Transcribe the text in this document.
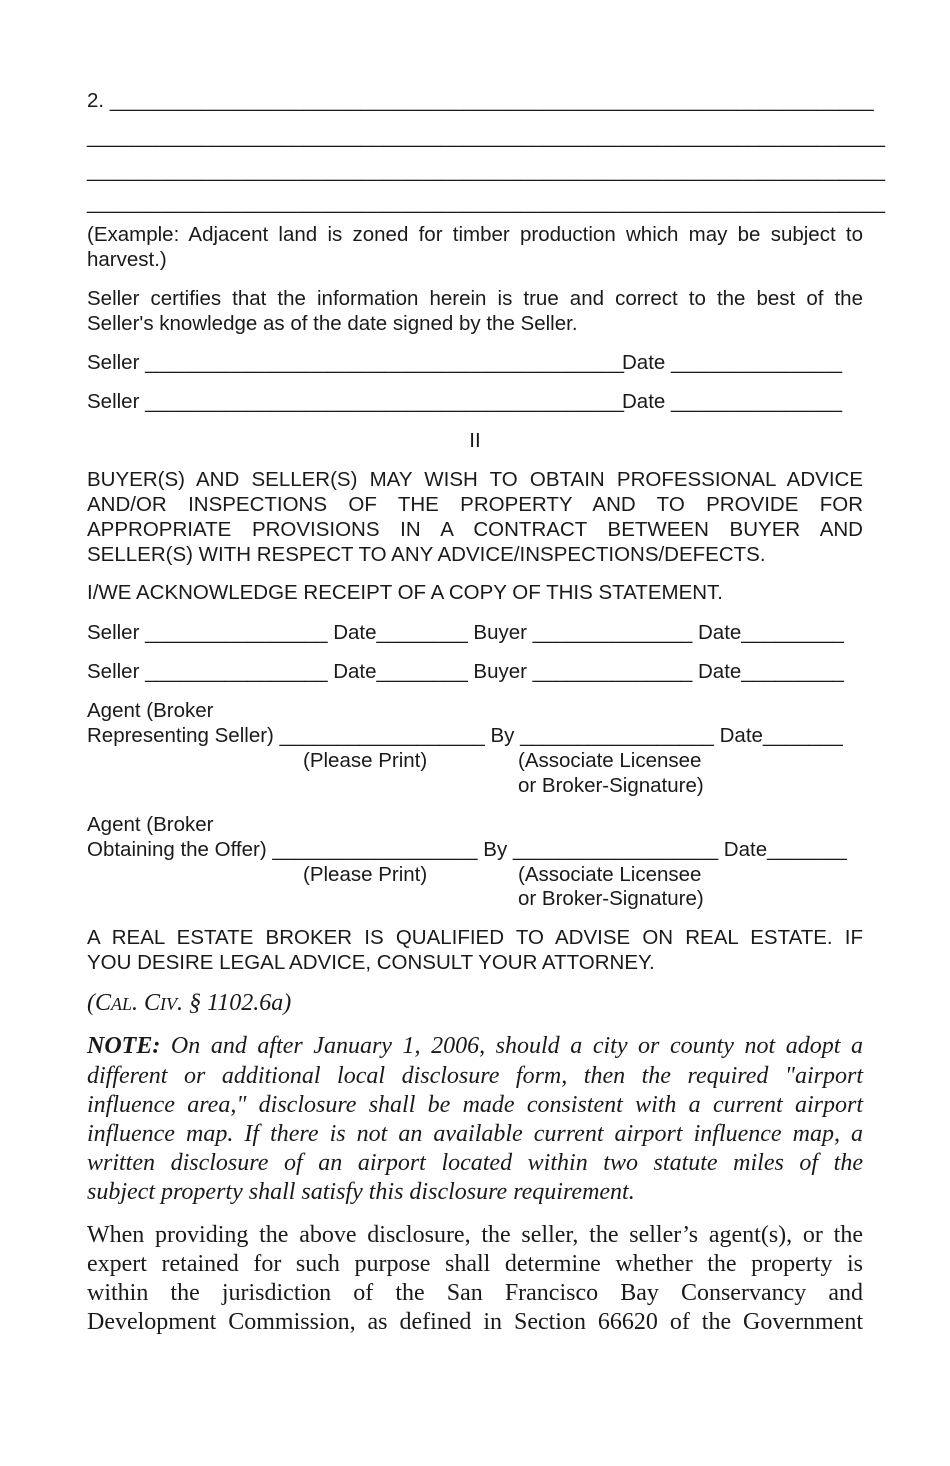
2. ___________________________________________________________________
______________________________________________________________________
______________________________________________________________________
______________________________________________________________________
(Example: Adjacent land is zoned for timber production which may be subject to
harvest.)
Seller certifies that the information herein is true and correct to the best of the
Seller's knowledge as of the date signed by the Seller.
Seller __________________________________________
Date _______________
Seller __________________________________________
Date _______________
II
BUYER(S) AND SELLER(S) MAY WISH TO OBTAIN PROFESSIONAL ADVICE
AND/OR INSPECTIONS OF THE PROPERTY AND TO PROVIDE FOR
APPROPRIATE PROVISIONS IN A CONTRACT BETWEEN BUYER AND
SELLER(S) WITH RESPECT TO ANY ADVICE/INSPECTIONS/DEFECTS.
I/WE ACKNOWLEDGE RECEIPT OF A COPY OF THIS STATEMENT.
Seller ________________ Date________ Buyer ______________ Date_________
Seller ________________ Date________ Buyer ______________ Date_________
Agent (Broker
Representing Seller) __________________ By _________________ Date_______
(Please Print)	(Associate Licensee
or Broker-Signature)
Agent (Broker
Obtaining the Offer) __________________ By __________________ Date_______
(Please Print)	(Associate Licensee
or Broker-Signature)
A REAL ESTATE BROKER IS QUALIFIED TO ADVISE ON REAL ESTATE. IF
YOU DESIRE LEGAL ADVICE, CONSULT YOUR ATTORNEY.
(CAL. CIV. § 1102.6a)
NOTE: On and after January 1, 2006, should a city or county not adopt a
different or additional local disclosure form, then the required "airport
influence area," disclosure shall be made consistent with a current airport
influence map. If there is not an available current airport influence map, a
written disclosure of an airport located within two statute miles of the
subject property shall satisfy this disclosure requirement.
When providing the above disclosure, the seller, the seller’s agent(s), or the
expert retained for such purpose shall determine whether the property is
within the jurisdiction of the San Francisco Bay Conservancy and
Development Commission, as defined in Section 66620 of the Government
